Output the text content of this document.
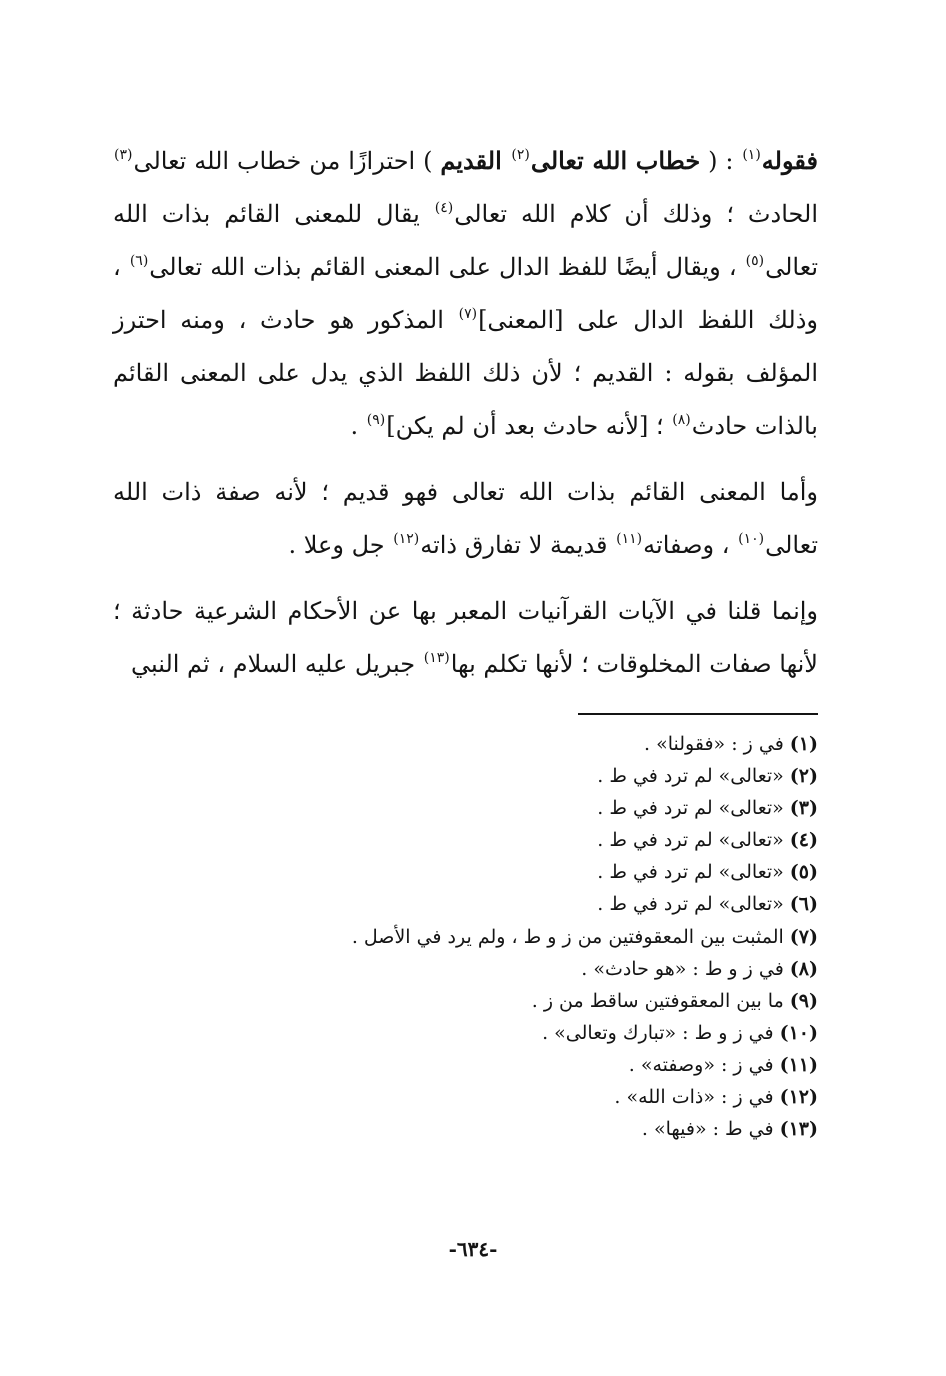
فقوله$^{(١)}$ : ( خطاب الله تعالى$^{(٢)}$ القديم ) احترازًا من خطاب الله تعالى$^{(٣)}$ الحادث ؛ وذلك أن كلام الله تعالى$^{(٤)}$ يقال للمعنى القائم بذات الله تعالى$^{(٥)}$ ، ويقال أيضًا للفظ الدال على المعنى القائم بذات الله تعالى$^{(٦)}$ ، وذلك اللفظ الدال على [المعنى]$^{(٧)}$ المذكور هو حادث ، ومنه احترز المؤلف بقوله : القديم ؛ لأن ذلك اللفظ الذي يدل على المعنى القائم بالذات حادث$^{(٨)}$ ؛ [لأنه حادث بعد أن لم يكن]$^{(٩)}$ .

وأما المعنى القائم بذات الله تعالى فهو قديم ؛ لأنه صفة ذات الله تعالى$^{(١٠)}$ ، وصفاته$^{(١١)}$ قديمة لا تفارق ذاته$^{(١٢)}$ جل وعلا .

وإنما قلنا في الآيات القرآنيات المعبر بها عن الأحكام الشرعية حادثة ؛ لأنها صفات المخلوقات ؛ لأنها تكلم بها$^{(١٣)}$ جبريل عليه السلام ، ثم النبي

(١)في ز : «فقولنا» .
(٢)«تعالى» لم ترد في ط .
(٣)«تعالى» لم ترد في ط .
(٤)«تعالى» لم ترد في ط .
(٥)«تعالى» لم ترد في ط .
(٦)«تعالى» لم ترد في ط .
(٧)المثبت بين المعقوفتين من ز و ط ، ولم يرد في الأصل .
(٨)في ز و ط : «هو حادث» .
(٩)ما بين المعقوفتين ساقط من ز .
(١٠)في ز و ط : «تبارك وتعالى» .
(١١)في ز : «وصفته» .
(١٢)في ز : «ذات الله» .
(١٣)في ط : «فيها» .
-٦٣٤-
